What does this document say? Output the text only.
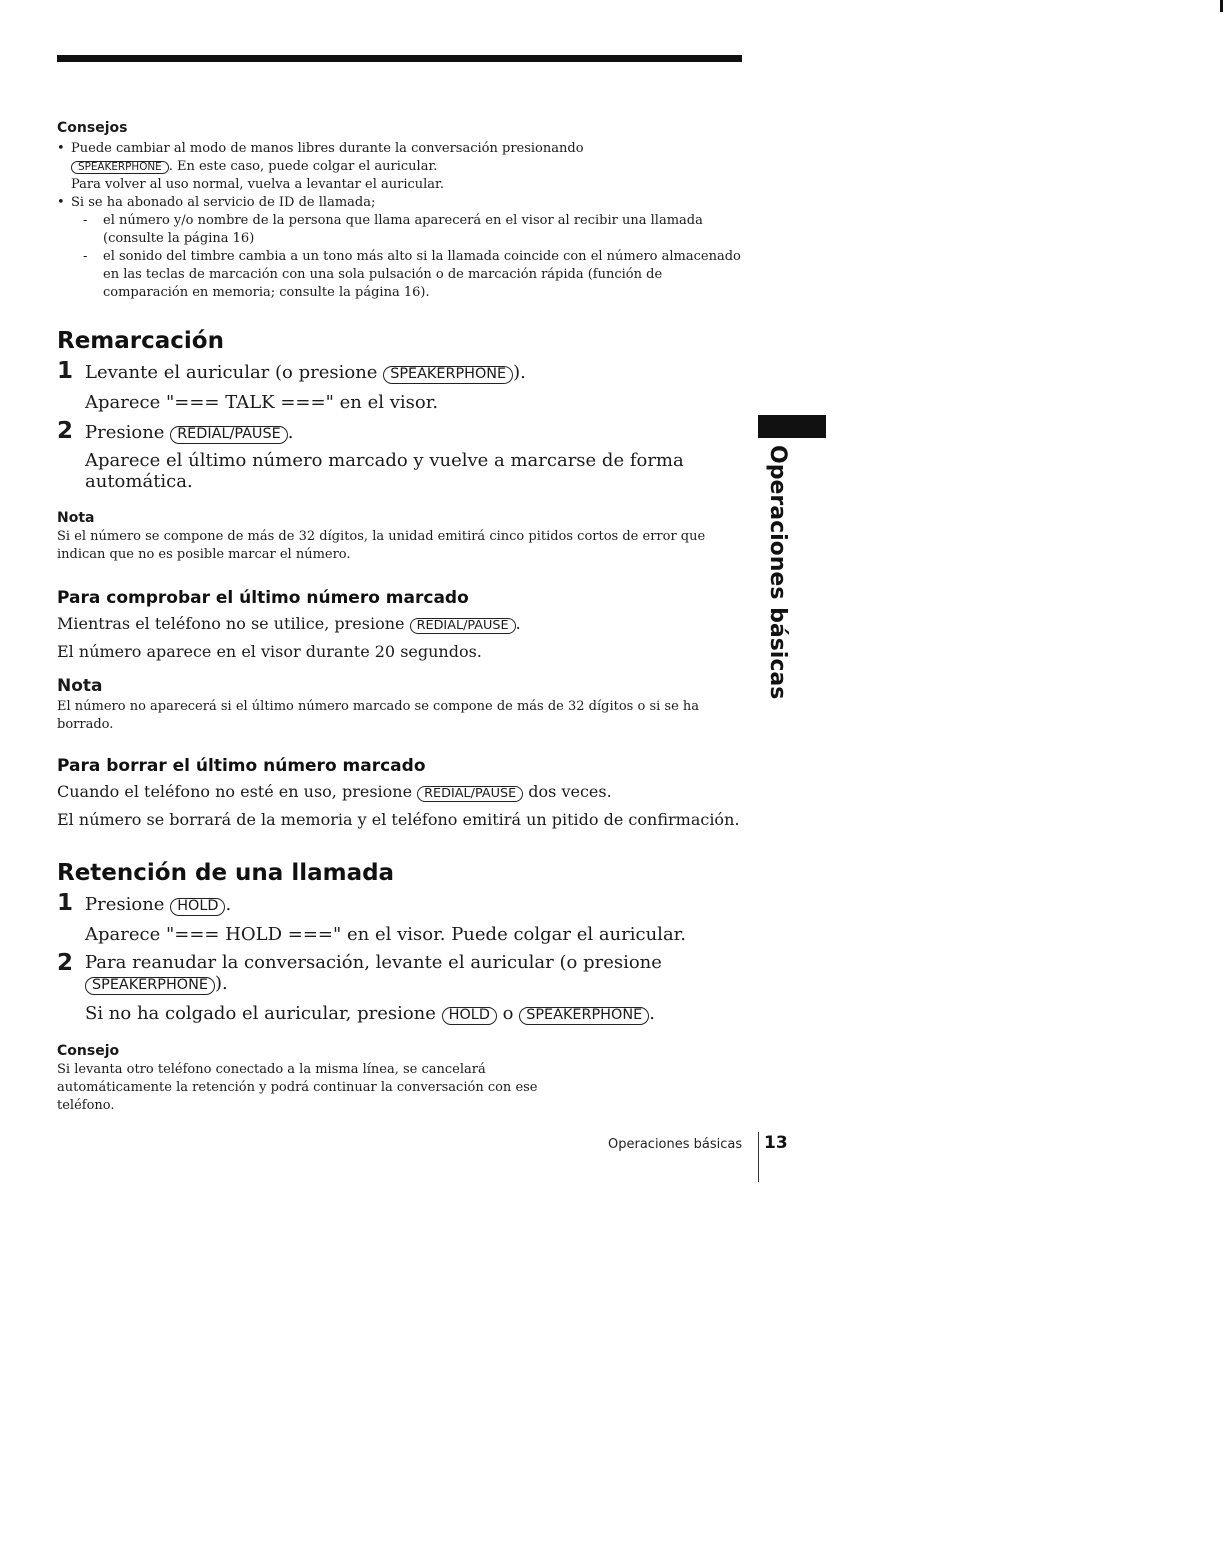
Consejos
• Puede cambiar al modo de manos libres durante la conversación presionando
SPEAKERPHONE . En este caso, puede colgar el auricular.
Para volver al uso normal, vuelva a levantar el auricular.
• Si se ha abonado al servicio de ID de llamada;
- el número y/o nombre de la persona que llama aparecerá en el visor al recibir una llamada (consulte la página 16)
- el sonido del timbre cambia a un tono más alto si la llamada coincide con el número almacenado en las teclas de marcación con una sola pulsación o de marcación rápida (función de comparación en memoria; consulte la página 16).
Remarcación
1 Levante el auricular (o presione SPEAKERPHONE ).

Aparece "=== TALK ===" en el visor.

2 Presione REDIAL/PAUSE .

Aparece el último número marcado y vuelve a marcarse de forma automática.

Nota

Si el número se compone de más de 32 dígitos, la unidad emitirá cinco pitidos cortos de error que indican que no es posible marcar el número.

Para comprobar el último número marcado

Mientras el teléfono no se utilice, presione REDIAL/PAUSE .

El número aparece en el visor durante 20 segundos.

Nota

El número no aparecerá si el último número marcado se compone de más de 32 dígitos o si se ha borrado.

Para borrar el último número marcado

Cuando el teléfono no esté en uso, presione REDIAL/PAUSE dos veces.

El número se borrará de la memoria y el teléfono emitirá un pitido de confirmación.

Retención de una llamada
1 Presione HOLD .

Aparece "=== HOLD ===" en el visor. Puede colgar el auricular.

2 Para reanudar la conversación, levante el auricular (o presione SPEAKERPHONE ).

Si no ha colgado el auricular, presione HOLD o SPEAKERPHONE .

Consejo

Si levanta otro teléfono conectado a la misma línea, se cancelará automáticamente la retención y podrá continuar la conversación con ese teléfono.

Operaciones básicas
Operaciones básicas 13
